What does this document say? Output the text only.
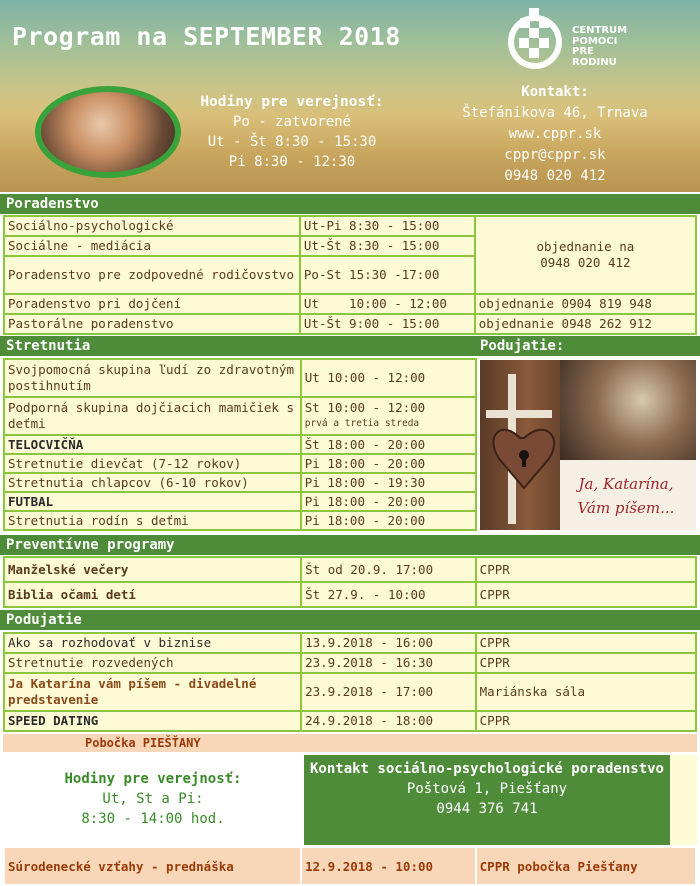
Program na SEPTEMBER 2018	CENTRUM
POMOCI
PRE
RODINU
Hodiny pre verejnosť:
Po - zatvorené
Ut - Št 8:30 - 15:30
Pi 8:30 - 12:30
Kontakt:
Štefánikova 46, Trnava
www.cppr.sk
cppr@cppr.sk
0948 020 412
Poradenstvo
Sociálno-psychologické	Ut-Pi 8:30 - 15:00	objednanie na
0948 020 412

Sociálne - mediácia	Ut-Št 8:30 - 15:00	
Poradenstvo pre zodpovedné rodičovstvo	Po-St 15:30 -17:00	
Poradenstvo pri dojčení	Ut    10:00 - 12:00	objednanie 0904 819 948
Pastorálne poradenstvo	Ut-Št 9:00 - 15:00	objednanie 0948 262 912
Stretnutia	Podujatie:
Svojpomocná skupina ľudí zo zdravotným postihnutím	Ut 10:00 - 12:00
Podporná skupina dojčiacich mamičiek s deťmi	St 10:00 - 12:00
prvá a tretia streda

TELOCVIČŇA	Št 18:00 - 20:00
Stretnutie dievčat (7-12 rokov)	Pi 18:00 - 20:00
Stretnutia chlapcov (6-10 rokov)	Pi 18:00 - 19:30
FUTBAL	Pi 18:00 - 20:00
Stretnutia rodín s deťmi	Pi 18:00 - 20:00
Ja, Katarína,
Vám píšem...
Preventívne programy
Manželské večery	Št od 20.9. 17:00	CPPR
Biblia očami detí	Št 27.9. - 10:00	CPPR
Podujatie
Ako sa rozhodovať v biznise	13.9.2018 - 16:00	CPPR
Stretnutie rozvedených	23.9.2018 - 16:30	CPPR
Ja Katarína vám píšem - divadelné predstavenie	23.9.2018 - 17:00	Mariánska sála
SPEED DATING	24.9.2018 - 18:00	CPPR
Pobočka PIEŠŤANY
Hodiny pre verejnosť:
Ut, St a Pi:
8:30 - 14:00 hod.
Kontakt sociálno-psychologické poradenstvo
Poštová 1, Piešťany
0944 376 741
Súrodenecké vzťahy - prednáška	12.9.2018 - 10:00	CPPR pobočka Piešťany
